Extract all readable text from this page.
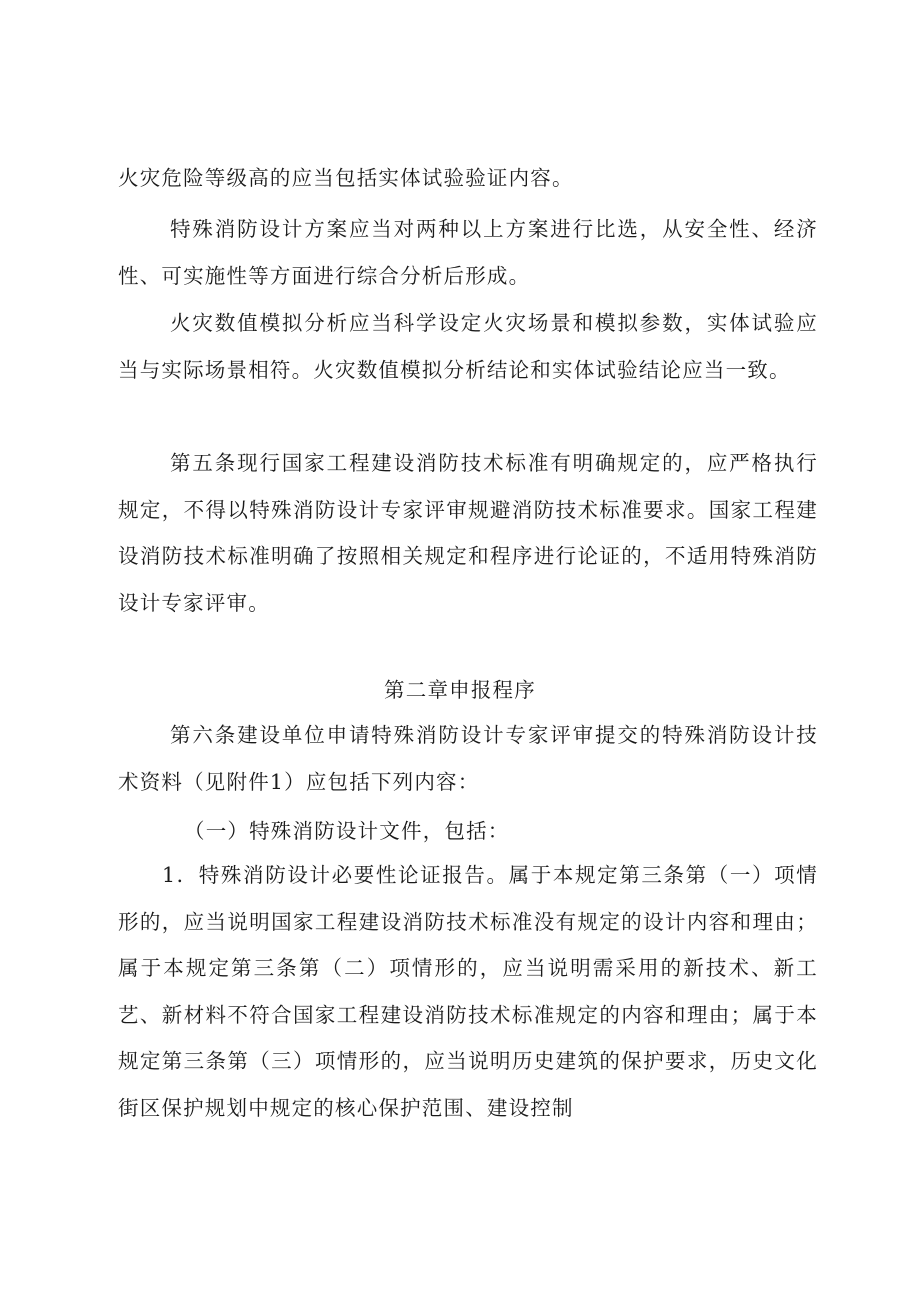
火灾危险等级高的应当包括实体试验验证内容。

特殊消防设计方案应当对两种以上方案进行比选，从安全性、经济性、可实施性等方面进行综合分析后形成。

火灾数值模拟分析应当科学设定火灾场景和模拟参数，实体试验应当与实际场景相符。火灾数值模拟分析结论和实体试验结论应当一致。

第五条现行国家工程建设消防技术标准有明确规定的，应严格执行规定，不得以特殊消防设计专家评审规避消防技术标准要求。国家工程建设消防技术标准明确了按照相关规定和程序进行论证的，不适用特殊消防设计专家评审。

第二章申报程序

第六条建设单位申请特殊消防设计专家评审提交的特殊消防设计技术资料（见附件1）应包括下列内容：

（一）特殊消防设计文件，包括：

1．特殊消防设计必要性论证报告。属于本规定第三条第（一）项情形的，应当说明国家工程建设消防技术标准没有规定的设计内容和理由；属于本规定第三条第（二）项情形的，应当说明需采用的新技术、新工艺、新材料不符合国家工程建设消防技术标准规定的内容和理由；属于本规定第三条第（三）项情形的，应当说明历史建筑的保护要求，历史文化街区保护规划中规定的核心保护范围、建设控制
